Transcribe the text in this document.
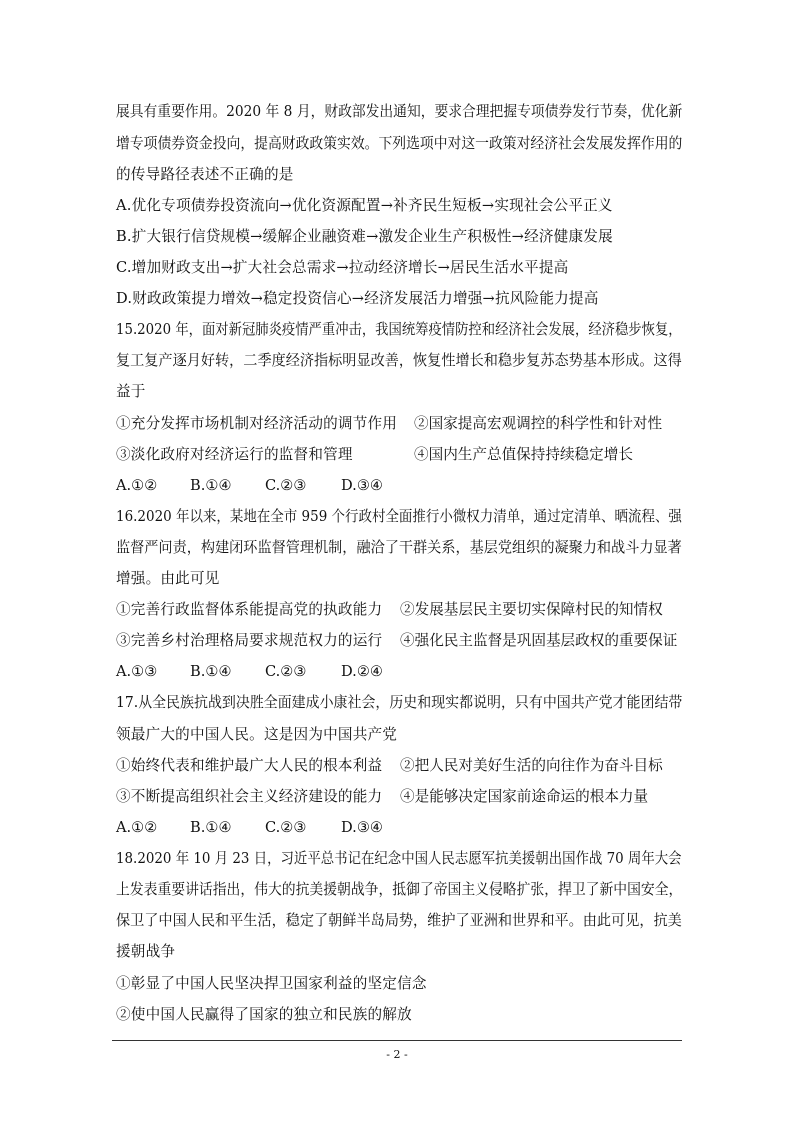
展具有重要作用。2020 年 8 月，财政部发出通知，要求合理把握专项债券发行节奏，优化新
增专项债券资金投向，提高财政政策实效。下列选项中对这一政策对经济社会发展发挥作用的
的传导路径表述不正确的是
A.优化专项债券投资流向→优化资源配置→补齐民生短板→实现社会公平正义
B.扩大银行信贷规模→缓解企业融资难→激发企业生产积极性→经济健康发展
C.增加财政支出→扩大社会总需求→拉动经济增长→居民生活水平提高
D.财政政策提力增效→稳定投资信心→经济发展活力增强→抗风险能力提高
15.2020 年，面对新冠肺炎疫情严重冲击，我国统筹疫情防控和经济社会发展，经济稳步恢复，
复工复产逐月好转，二季度经济指标明显改善，恢复性增长和稳步复苏态势基本形成。这得
益于
①充分发挥市场机制对经济活动的调节作用 ②国家提高宏观调控的科学性和针对性
③淡化政府对经济运行的监督和管理	④国内生产总值保持持续稳定增长
A.①② B.①④ C.②③ D.③④
16.2020 年以来，某地在全市 959 个行政村全面推行小微权力清单，通过定清单、晒流程、强
监督严问责，构建闭环监督管理机制，融洽了干群关系，基层党组织的凝聚力和战斗力显著
增强。由此可见
①完善行政监督体系能提高党的执政能力 ②发展基层民主要切实保障村民的知情权
③完善乡村治理格局要求规范权力的运行 ④强化民主监督是巩固基层政权的重要保证
A.①③ B.①④ C.②③ D.②④
17.从全民族抗战到决胜全面建成小康社会，历史和现实都说明，只有中国共产党才能团结带
领最广大的中国人民。这是因为中国共产党
①始终代表和维护最广大人民的根本利益 ②把人民对美好生活的向往作为奋斗目标
③不断提高组织社会主义经济建设的能力 ④是能够决定国家前途命运的根本力量
A.①② B.①④ C.②③ D.③④
18.2020 年 10 月 23 日，习近平总书记在纪念中国人民志愿军抗美援朝出国作战 70 周年大会
上发表重要讲话指出，伟大的抗美援朝战争，抵御了帝国主义侵略扩张，捍卫了新中国安全，
保卫了中国人民和平生活，稳定了朝鲜半岛局势，维护了亚洲和世界和平。由此可见，抗美
援朝战争
①彰显了中国人民坚决捍卫国家利益的坚定信念
②使中国人民赢得了国家的独立和民族的解放
- 2 -
